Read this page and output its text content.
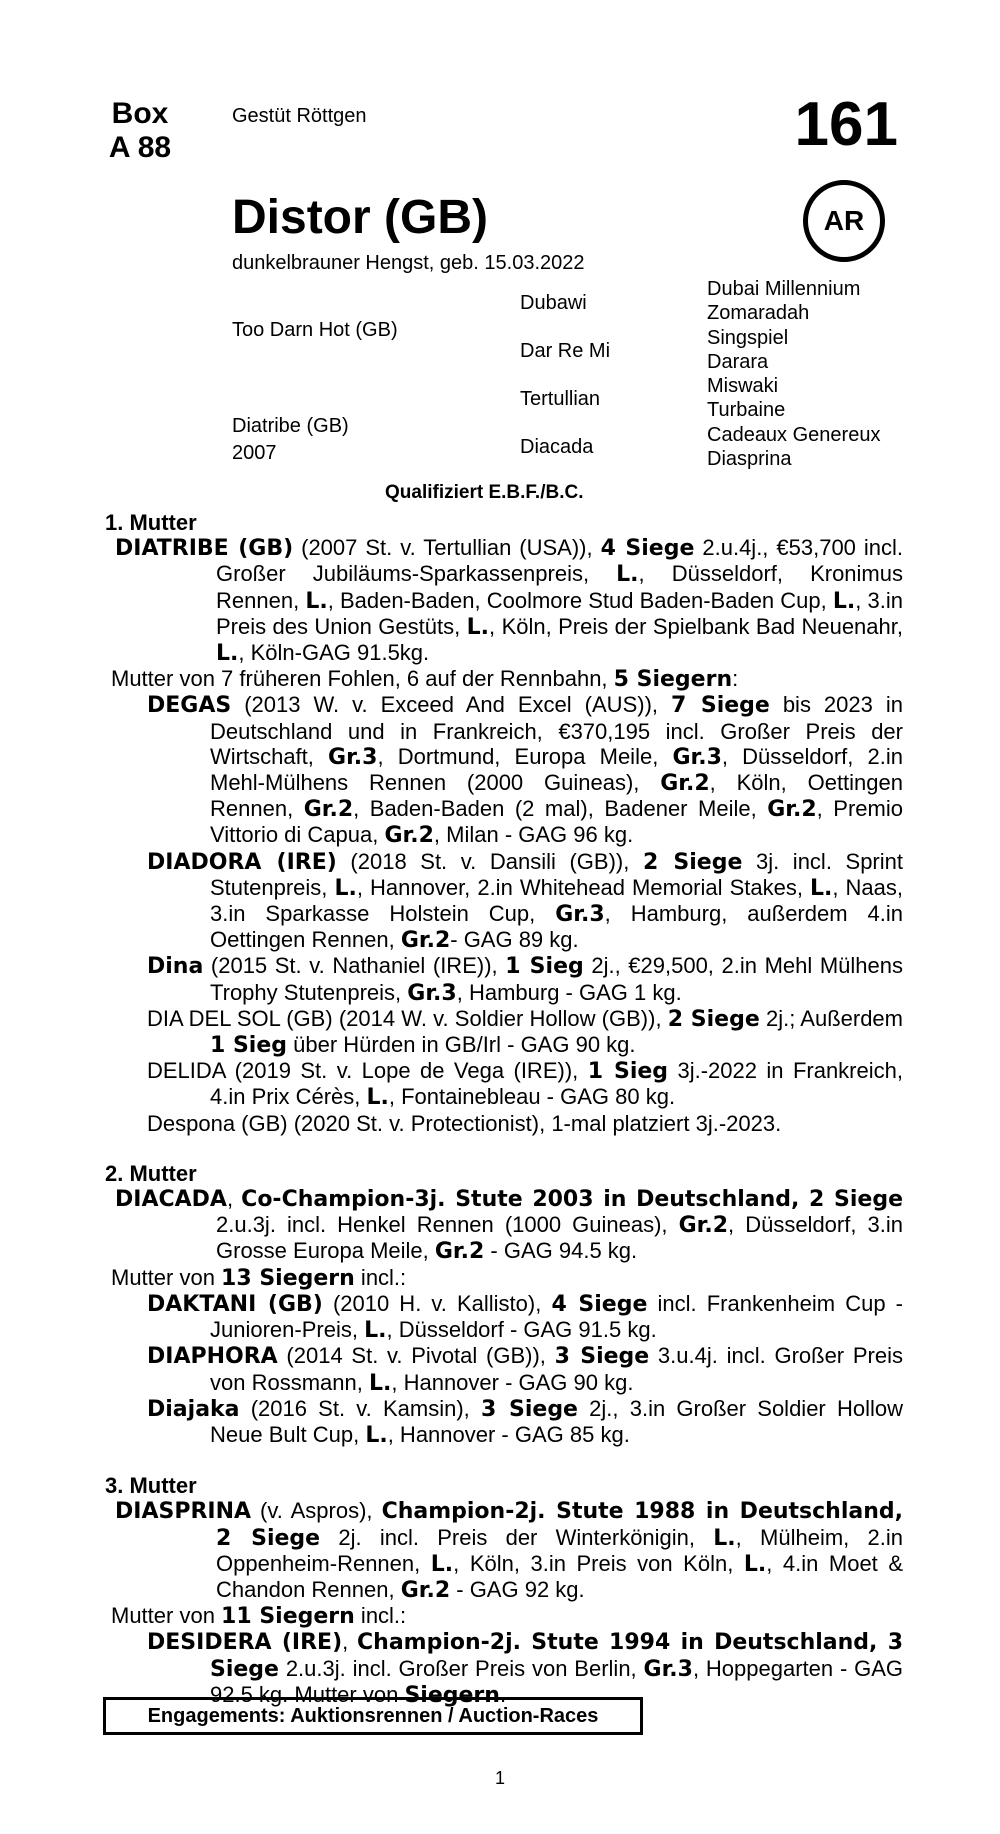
Box
A 88
Gestüt Röttgen	161
AR
Distor (GB)
dunkelbrauner Hengst, geb. 15.03.2022
Too Darn Hot (GB)
Diatribe (GB)
2007
Dubawi
Dar Re Mi
Tertullian
Diacada
Dubai Millennium
Zomaradah
Singspiel
Darara
Miswaki
Turbaine
Cadeaux Genereux
Diasprina
Qualifiziert E.B.F./B.C.
1. Mutter

DIATRIBE (GB) (2007 St. v. Tertullian (USA)), 4 Siege 2.u.4j., €53,700 incl. Großer Jubiläums-Sparkassenpreis, L., Düsseldorf, Kronimus Rennen, L., Baden-Baden, Coolmore Stud Baden-Baden Cup, L., 3.in Preis des Union Gestüts, L., Köln, Preis der Spielbank Bad Neuenahr, L., Köln-GAG 91.5kg.

Mutter von 7 früheren Fohlen, 6 auf der Rennbahn, 5 Siegern:

DEGAS (2013 W. v. Exceed And Excel (AUS)), 7 Siege bis 2023 in Deutschland und in Frankreich, €370,195 incl. Großer Preis der Wirtschaft, Gr.3, Dortmund, Europa Meile, Gr.3, Düsseldorf, 2.in Mehl-Mülhens Rennen (2000 Guineas), Gr.2, Köln, Oettingen Rennen, Gr.2, Baden-Baden (2 mal), Badener Meile, Gr.2, Premio Vittorio di Capua, Gr.2, Milan - GAG 96 kg.

DIADORA (IRE) (2018 St. v. Dansili (GB)), 2 Siege 3j. incl. Sprint Stutenpreis, L., Hannover, 2.in Whitehead Memorial Stakes, L., Naas, 3.in Sparkasse Holstein Cup, Gr.3, Hamburg, außerdem 4.in Oettingen Rennen, Gr.2- GAG 89 kg.

Dina (2015 St. v. Nathaniel (IRE)), 1 Sieg 2j., €29,500, 2.in Mehl Mülhens Trophy Stutenpreis, Gr.3, Hamburg - GAG 1 kg.

DIA DEL SOL (GB) (2014 W. v. Soldier Hollow (GB)), 2 Siege 2j.; Außerdem 1 Sieg über Hürden in GB/Irl - GAG 90 kg.

DELIDA (2019 St. v. Lope de Vega (IRE)), 1 Sieg 3j.-2022 in Frankreich, 4.in Prix Cérès, L., Fontainebleau - GAG 80 kg.

Despona (GB) (2020 St. v. Protectionist), 1-mal platziert 3j.-2023.

2. Mutter

DIACADA, Co-Champion-3j. Stute 2003 in Deutschland, 2 Siege 2.u.3j. incl. Henkel Rennen (1000 Guineas), Gr.2, Düsseldorf, 3.in Grosse Europa Meile, Gr.2 - GAG 94.5 kg.

Mutter von 13 Siegern incl.:

DAKTANI (GB) (2010 H. v. Kallisto), 4 Siege incl. Frankenheim Cup - Junioren-Preis, L., Düsseldorf - GAG 91.5 kg.

DIAPHORA (2014 St. v. Pivotal (GB)), 3 Siege 3.u.4j. incl. Großer Preis von Rossmann, L., Hannover - GAG 90 kg.

Diajaka (2016 St. v. Kamsin), 3 Siege 2j., 3.in Großer Soldier Hollow Neue Bult Cup, L., Hannover - GAG 85 kg.

3. Mutter

DIASPRINA (v. Aspros), Champion-2j. Stute 1988 in Deutschland, 2 Siege 2j. incl. Preis der Winterkönigin, L., Mülheim, 2.in Oppenheim-Rennen, L., Köln, 3.in Preis von Köln, L., 4.in Moet & Chandon Rennen, Gr.2 - GAG 92 kg.

Mutter von 11 Siegern incl.:

DESIDERA (IRE), Champion-2j. Stute 1994 in Deutschland, 3 Siege 2.u.3j. incl. Großer Preis von Berlin, Gr.3, Hoppegarten - GAG 92.5 kg. Mutter von Siegern.

Engagements: Auktionsrennen / Auction-Races
1
